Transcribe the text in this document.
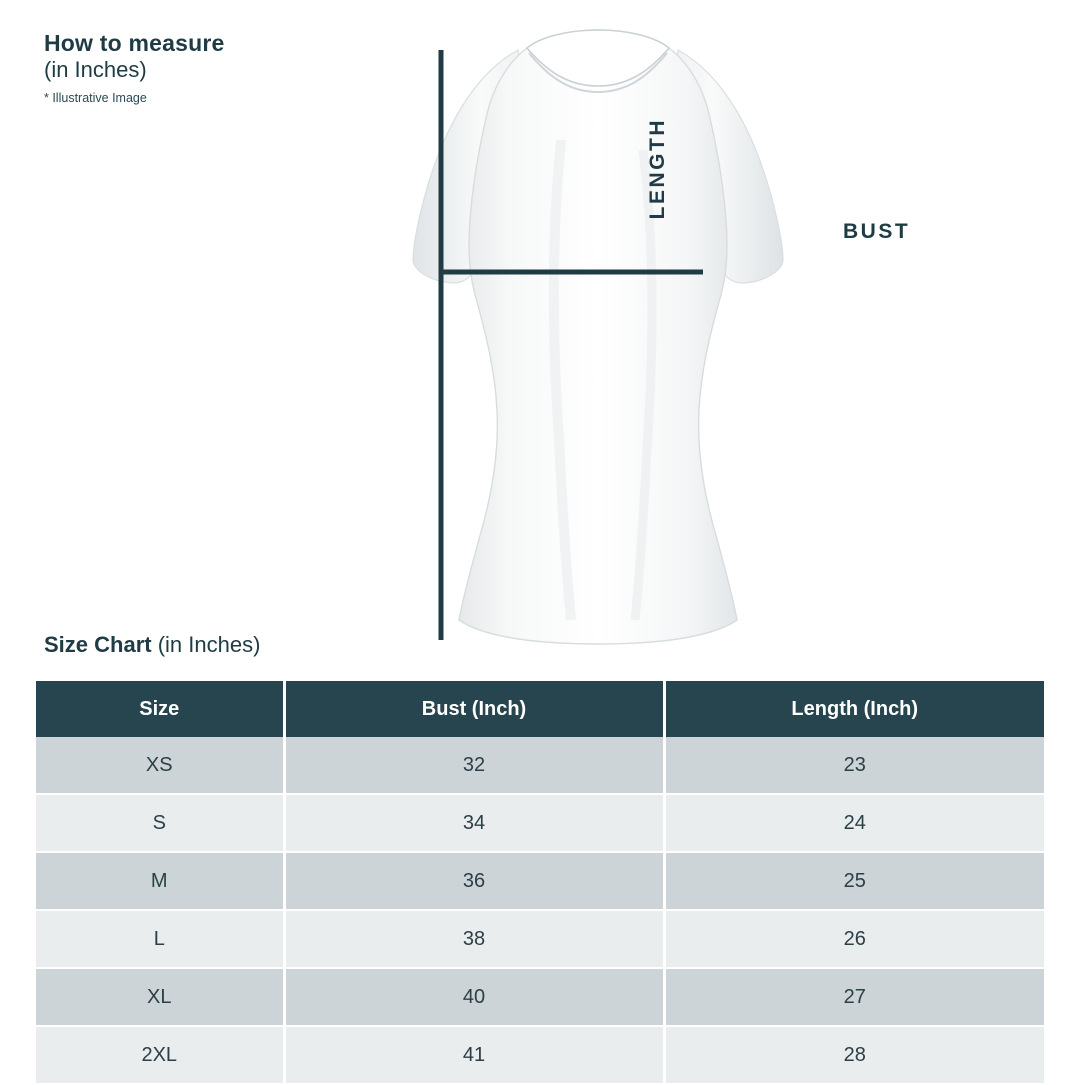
How to measure
(in Inches)
* Illustrative Image
LENGTH
BUST
Size Chart (in Inches)
Size	Bust (Inch)	Length (Inch)
XS	32	23
S	34	24
M	36	25
L	38	26
XL	40	27
2XL	41	28
